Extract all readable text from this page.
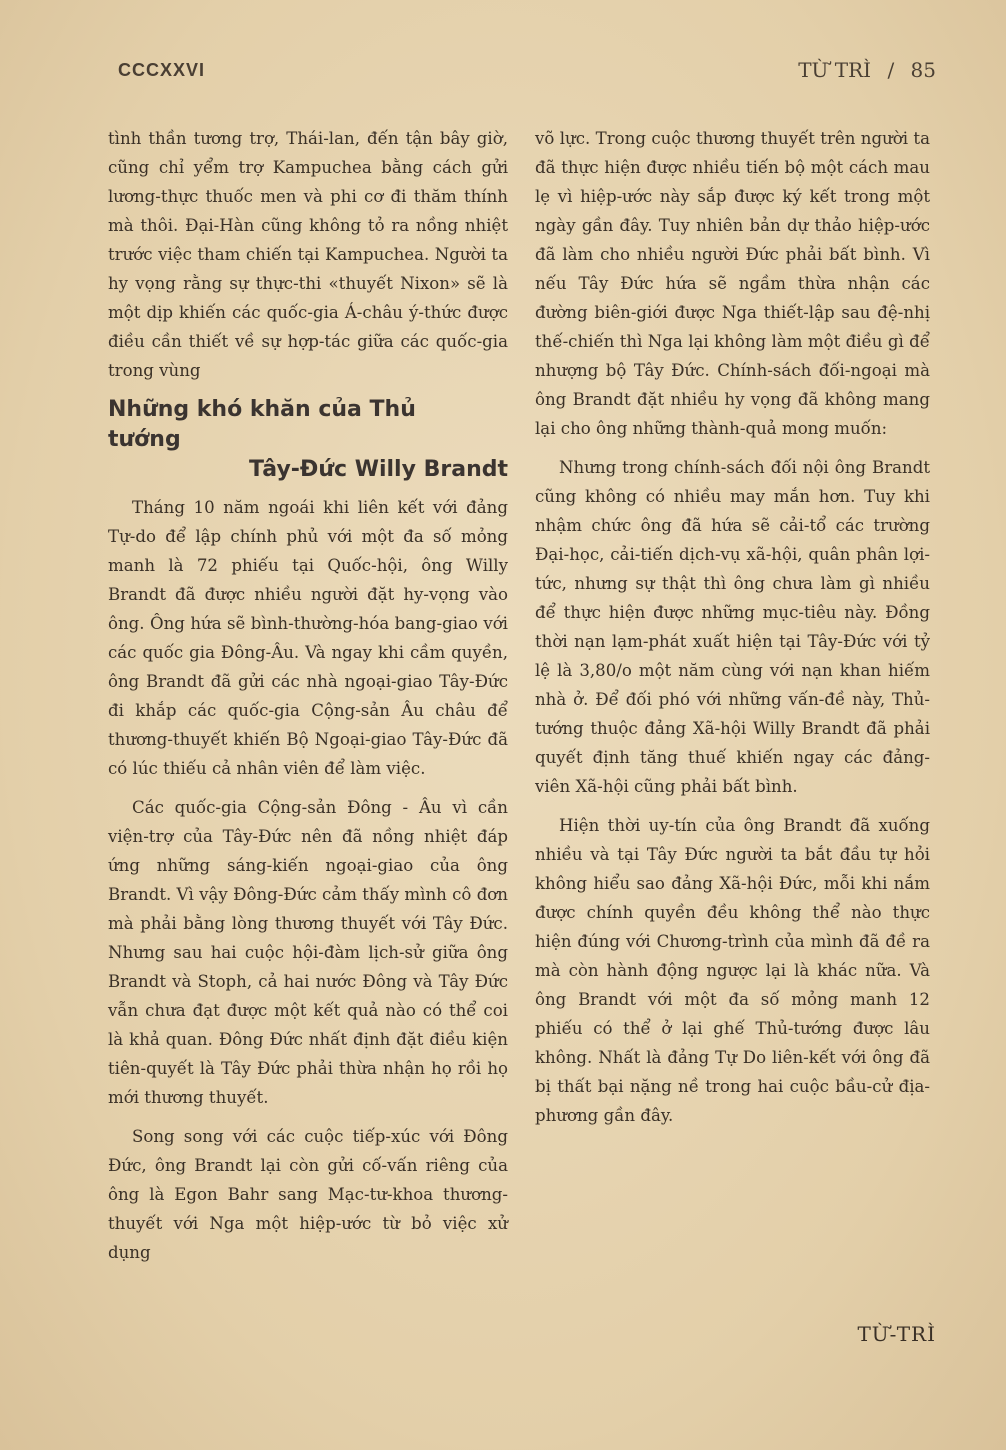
CCCXXVI	TỪ TRÌ / 85

tình thần tương trợ, Thái-lan, đến tận bây giờ, cũng chỉ yểm trợ Kampuchea bằng cách gửi lương-thực thuốc men và phi cơ đi thăm thính mà thôi. Đại-Hàn cũng không tỏ ra nồng nhiệt trước việc tham chiến tại Kampuchea. Người ta hy vọng rằng sự thực-thi «thuyết Nixon» sẽ là một dịp khiến các quốc-gia Á-châu ý-thức được điều cần thiết về sự hợp-tác giữa các quốc-gia trong vùng

Những khó khăn của Thủ tướng
Tây-Đức Willy Brandt

Tháng 10 năm ngoái khi liên kết với đảng Tự-do để lập chính phủ với một đa số mỏng manh là 72 phiếu tại Quốc-hội, ông Willy Brandt đã được nhiều người đặt hy-vọng vào ông. Ông hứa sẽ bình-thường-hóa bang-giao với các quốc gia Đông-Âu. Và ngay khi cầm quyền, ông Brandt đã gửi các nhà ngoại-giao Tây-Đức đi khắp các quốc-gia Cộng-sản Âu châu để thương-thuyết khiến Bộ Ngoại-giao Tây-Đức đã có lúc thiếu cả nhân viên để làm việc.

Các quốc-gia Cộng-sản Đông - Âu vì cần viện-trợ của Tây-Đức nên đã nồng nhiệt đáp ứng những sáng-kiến ngoại-giao của ông Brandt. Vì vậy Đông-Đức cảm thấy mình cô đơn mà phải bằng lòng thương thuyết với Tây Đức. Nhưng sau hai cuộc hội-đàm lịch-sử giữa ông Brandt và Stoph, cả hai nước Đông và Tây Đức vẫn chưa đạt được một kết quả nào có thể coi là khả quan. Đông Đức nhất định đặt điều kiện tiên-quyết là Tây Đức phải thừa nhận họ rồi họ mới thương thuyết.

Song song với các cuộc tiếp-xúc với Đông Đức, ông Brandt lại còn gửi cố-vấn riêng của ông là Egon Bahr sang Mạc-tư-khoa thương-thuyết với Nga một hiệp-ước từ bỏ việc xử dụng

võ lực. Trong cuộc thương thuyết trên người ta đã thực hiện được nhiều tiến bộ một cách mau lẹ vì hiệp-ước này sắp được ký kết trong một ngày gần đây. Tuy nhiên bản dự thảo hiệp-ước đã làm cho nhiều người Đức phải bất bình. Vì nếu Tây Đức hứa sẽ ngầm thừa nhận các đường biên-giới được Nga thiết-lập sau đệ-nhị thế-chiến thì Nga lại không làm một điều gì để nhượng bộ Tây Đức. Chính-sách đối-ngoại mà ông Brandt đặt nhiều hy vọng đã không mang lại cho ông những thành-quả mong muốn:

Nhưng trong chính-sách đối nội ông Brandt cũng không có nhiều may mắn hơn. Tuy khi nhậm chức ông đã hứa sẽ cải-tổ các trường Đại-học, cải-tiến dịch-vụ xã-hội, quân phân lợi-tức, nhưng sự thật thì ông chưa làm gì nhiều để thực hiện được những mục-tiêu này. Đồng thời nạn lạm-phát xuất hiện tại Tây-Đức với tỷ lệ là 3,80/o một năm cùng với nạn khan hiếm nhà ở. Để đối phó với những vấn-đề này, Thủ-tướng thuộc đảng Xã-hội Willy Brandt đã phải quyết định tăng thuế khiến ngay các đảng-viên Xã-hội cũng phải bất bình.

Hiện thời uy-tín của ông Brandt đã xuống nhiều và tại Tây Đức người ta bắt đầu tự hỏi không hiểu sao đảng Xã-hội Đức, mỗi khi nắm được chính quyền đều không thể nào thực hiện đúng với Chương-trình của mình đã đề ra mà còn hành động ngược lại là khác nữa. Và ông Brandt với một đa số mỏng manh 12 phiếu có thể ở lại ghế Thủ-tướng được lâu không. Nhất là đảng Tự Do liên-kết với ông đã bị thất bại nặng nề trong hai cuộc bầu-cử địa-phương gần đây.

TỪ-TRÌ
